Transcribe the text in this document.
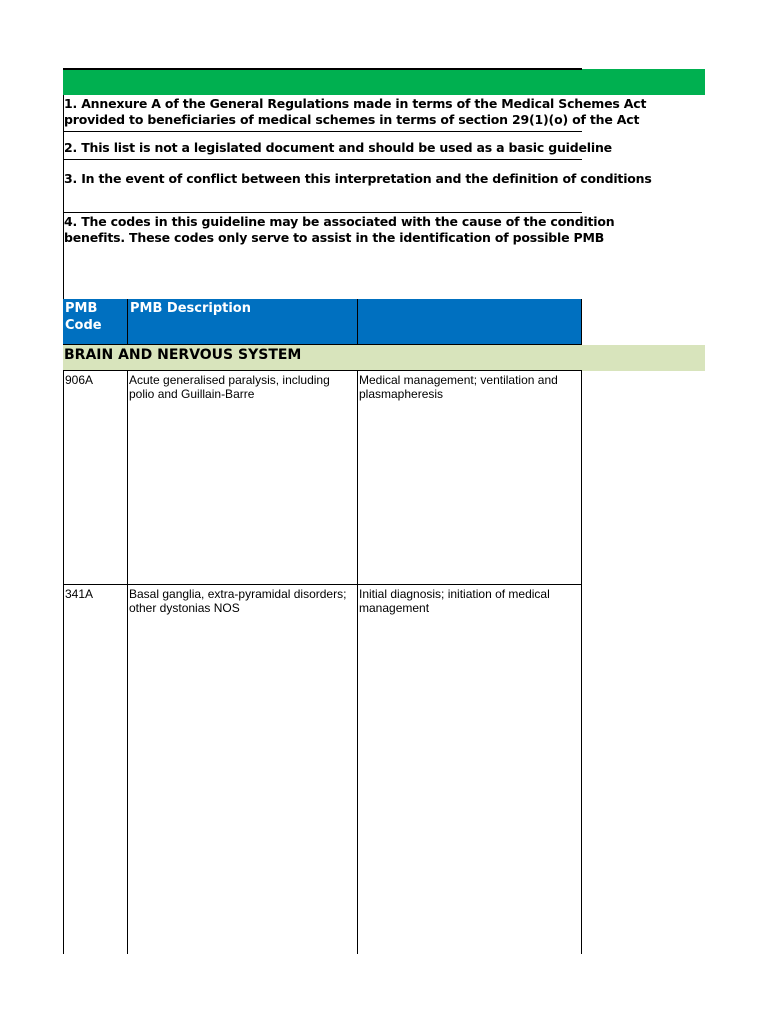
1. Annexure A of the General Regulations made in terms of the Medical Schemes Act
provided to beneficiaries of medical schemes in terms of section 29(1)(o) of the Act
2. This list is not a legislated document and should be used as a basic guideline
3. In the event of conflict between this interpretation and the definition of conditions
4. The codes in this guideline may be associated with the cause of the condition
benefits. These codes only serve to assist in the identification of possible PMB
PMB Code
PMB Description
BRAIN AND NERVOUS SYSTEM
906A	Acute generalised paralysis, including polio and Guillain-Barre
Medical management; ventilation and plasmapheresis
341A	Basal ganglia, extra-pyramidal disorders; other dystonias NOS
Initial diagnosis; initiation of medical management
